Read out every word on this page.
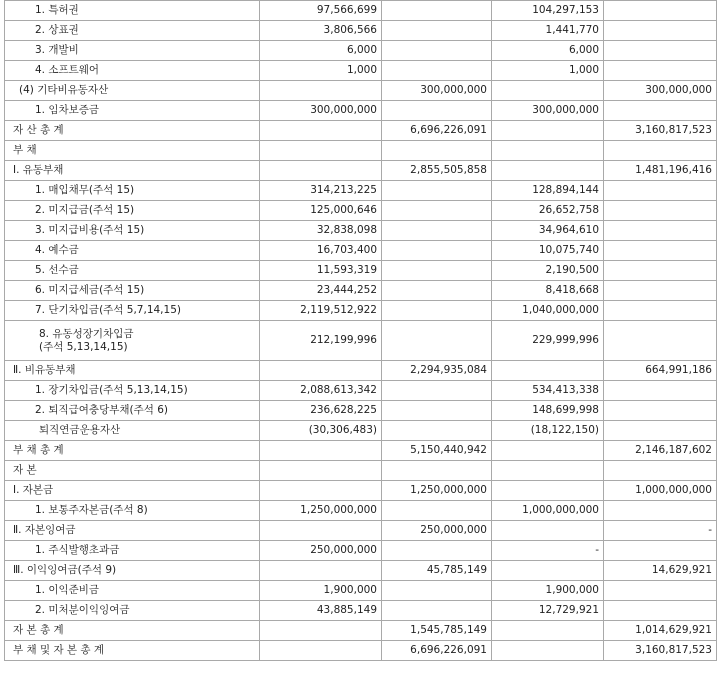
1. 특허권	97,566,699		104,297,153	

2. 상표권	3,806,566		1,441,770	

3. 개발비	6,000		6,000	

4. 소프트웨어	1,000		1,000	

(4) 기타비유동자산		300,000,000		300,000,000

1. 임차보증금	300,000,000		300,000,000	

자 산 총 계		6,696,226,091		3,160,817,523

부 채				

Ⅰ. 유동부채		2,855,505,858		1,481,196,416

1. 매입채무(주석 15)	314,213,225		128,894,144	

2. 미지급금(주석 15)	125,000,646		26,652,758	

3. 미지급비용(주석 15)	32,838,098		34,964,610	

4. 예수금	16,703,400		10,075,740	

5. 선수금	11,593,319		2,190,500	

6. 미지급세금(주석 15)	23,444,252		8,418,668	

7. 단기차입금(주석 5,7,14,15)	2,119,512,922		1,040,000,000	

8. 유동성장기차입금
(주석 5,13,14,15)	212,199,996		229,999,996	

Ⅱ. 비유동부채		2,294,935,084		664,991,186

1. 장기차입금(주석 5,13,14,15)	2,088,613,342		534,413,338	

2. 퇴직급여충당부채(주석 6)	236,628,225		148,699,998	

퇴직연금운용자산	(30,306,483)		(18,122,150)	

부 채 총 계		5,150,440,942		2,146,187,602

자 본				

Ⅰ. 자본금		1,250,000,000		1,000,000,000

1. 보통주자본금(주석 8)	1,250,000,000		1,000,000,000	

Ⅱ. 자본잉여금		250,000,000		-

1. 주식발행초과금	250,000,000		-	

Ⅲ. 이익잉여금(주석 9)		45,785,149		14,629,921

1. 이익준비금	1,900,000		1,900,000	

2. 미처분이익잉여금	43,885,149		12,729,921	

자 본 총 계		1,545,785,149		1,014,629,921

부 채 및 자 본 총 계		6,696,226,091		3,160,817,523
